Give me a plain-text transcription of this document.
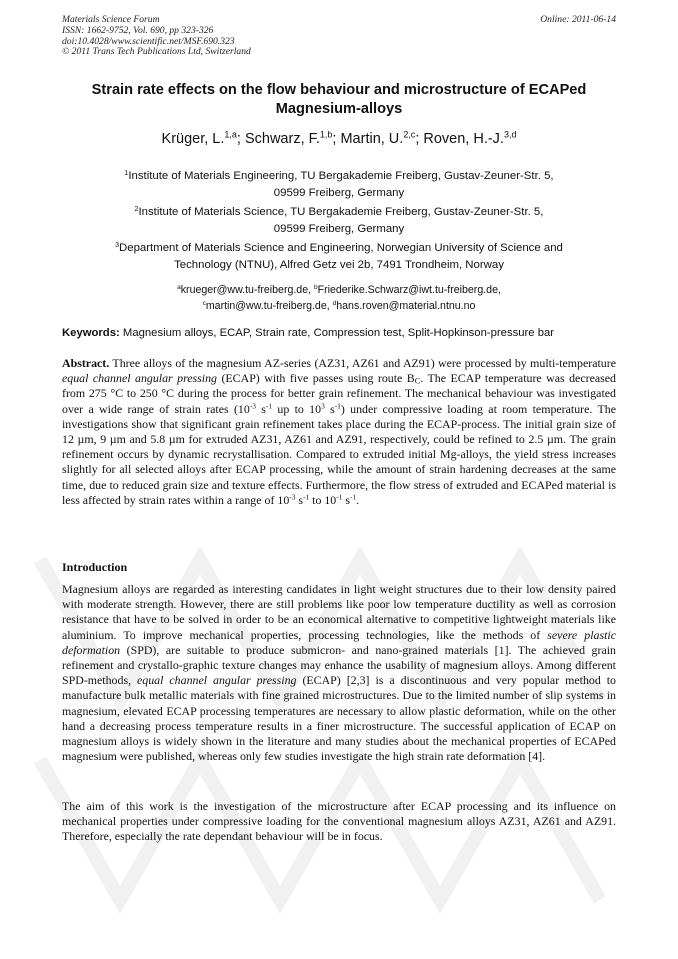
Materials Science Forum	Online: 2011-06-14
ISSN: 1662-9752, Vol. 690, pp 323-326
doi:10.4028/www.scientific.net/MSF.690.323
© 2011 Trans Tech Publications Ltd, Switzerland
Strain rate effects on the flow behaviour and microstructure of ECAPed
Magnesium-alloys
Krüger, L.$^{1,a}$; Schwarz, F.$^{1,b}$; Martin, U.$^{2,c}$; Roven, H.-J.$^{3,d}$
$^1$Institute of Materials Engineering, TU Bergakademie Freiberg, Gustav-Zeuner-Str. 5,
09599 Freiberg, Germany
$^2$Institute of Materials Science, TU Bergakademie Freiberg, Gustav-Zeuner-Str. 5,
09599 Freiberg, Germany
$^3$Department of Materials Science and Engineering, Norwegian University of Science and
Technology (NTNU), Alfred Getz vei 2b, 7491 Trondheim, Norway
$^a$krueger@ww.tu-freiberg.de, $^b$Friederike.Schwarz@iwt.tu-freiberg.de,
$^c$martin@ww.tu-freiberg.de, $^d$hans.roven@material.ntnu.no
Keywords: Magnesium alloys, ECAP, Strain rate, Compression test, Split-Hopkinson-pressure bar
Abstract. Three alloys of the magnesium AZ-series (AZ31, AZ61 and AZ91) were processed by multi-temperature equal channel angular pressing (ECAP) with five passes using route $B_C$. The ECAP temperature was decreased from 275 °C to 250 °C during the process for better grain refinement. The mechanical behaviour was investigated over a wide range of strain rates ($10^{-3}$ $s^{-1}$ up to $10^3$ $s^{-1}$) under compressive loading at room temperature. The investigations show that significant grain refinement takes place during the ECAP-process. The initial grain size of 12 µm, 9 µm and 5.8 µm for extruded AZ31, AZ61 and AZ91, respectively, could be refined to 2.5 µm. The grain refinement occurs by dynamic recrystallisation. Compared to extruded initial Mg-alloys, the yield stress increases slightly for all selected alloys after ECAP processing, while the amount of strain hardening decreases at the same time, due to reduced grain size and texture effects. Furthermore, the flow stress of extruded and ECAPed material is less affected by strain rates within a range of $10^{-3}$ $s^{-1}$ to $10^{-1}$ $s^{-1}$.
Introduction
Magnesium alloys are regarded as interesting candidates in light weight structures due to their low density paired with moderate strength. However, there are still problems like poor low temperature ductility as well as corrosion resistance that have to be solved in order to be an economical alternative to competitive lightweight materials like aluminium. To improve mechanical properties, processing technologies, like the methods of severe plastic deformation (SPD), are suitable to produce submicron- and nano-grained materials [1]. The achieved grain refinement and crystallo-graphic texture changes may enhance the usability of magnesium alloys. Among different SPD-methods, equal channel angular pressing (ECAP) [2,3] is a discontinuous and very popular method to manufacture bulk metallic materials with fine grained microstructures. Due to the limited number of slip systems in magnesium, elevated ECAP processing temperatures are necessary to allow plastic deformation, while on the other hand a decreasing process temperature results in a finer microstructure. The successful application of ECAP on magnesium alloys is widely shown in the literature and many studies about the mechanical properties of ECAPed magnesium were published, whereas only few studies investigate the high strain rate deformation [4].
The aim of this work is the investigation of the microstructure after ECAP processing and its influence on mechanical properties under compressive loading for the conventional magnesium alloys AZ31, AZ61 and AZ91. Therefore, especially the rate dependant behaviour will be in focus.
